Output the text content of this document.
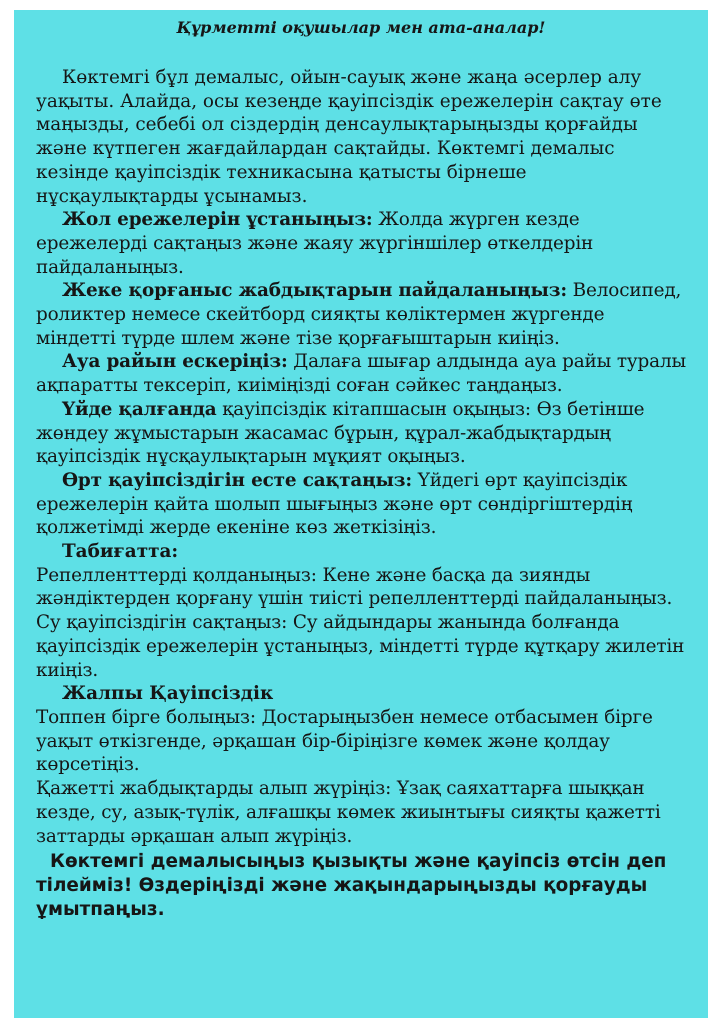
Құрметті оқушылар мен ата-аналар!

Көктемгі бұл демалыс, ойын-сауық және жаңа әсерлер алу уақыты. Алайда, осы кезеңде қауіпсіздік ережелерін сақтау өте маңызды, себебі ол сіздердің денсаулықтарыңызды қорғайды және күтпеген жағдайлардан сақтайды. Көктемгі демалыс кезінде қауіпсіздік техникасына қатысты бірнеше нұсқаулықтарды ұсынамыз.

Жол ережелерін ұстаныңыз: Жолда жүрген кезде ережелерді сақтаңыз және жаяу жүргіншілер өткелдерін пайдаланыңыз.

Жеке қорғаныс жабдықтарын пайдаланыңыз: Велосипед, роликтер немесе скейтборд сияқты көліктермен жүргенде міндетті түрде шлем және тізе қорғағыштарын киіңіз.

Ауа райын ескеріңіз: Далаға шығар алдында ауа райы туралы ақпаратты тексеріп, киіміңізді соған сәйкес таңдаңыз.

Үйде қалғанда қауіпсіздік кітапшасын оқыңыз: Өз бетінше жөндеу жұмыстарын жасамас бұрын, құрал-жабдықтардың қауіпсіздік нұсқаулықтарын мұқият оқыңыз.

Өрт қауіпсіздігін есте сақтаңыз: Үйдегі өрт қауіпсіздік ережелерін қайта шолып шығыңыз және өрт сөндіргіштердің қолжетімді жерде екеніне көз жеткізіңіз.

Табиғатта:

Репелленттерді қолданыңыз: Кене және басқа да зиянды жәндіктерден қорғану үшін тиісті репелленттерді пайдаланыңыз.

Су қауіпсіздігін сақтаңыз: Су айдындары жанында болғанда қауіпсіздік ережелерін ұстаныңыз, міндетті түрде құтқару жилетін киіңіз.

Жалпы Қауіпсіздік

Топпен бірге болыңыз: Достарыңызбен немесе отбасымен бірге уақыт өткізгенде, әрқашан бір-біріңізге көмек және қолдау көрсетіңіз.

Қажетті жабдықтарды алып жүріңіз: Ұзақ саяхаттарға шыққан кезде, су, азық-түлік, алғашқы көмек жиынтығы сияқты қажетті заттарды әрқашан алып жүріңіз.

Көктемгі демалысыңыз қызықты және қауіпсіз өтсін деп тілейміз! Өздеріңізді және жақындарыңызды қорғауды ұмытпаңыз.
